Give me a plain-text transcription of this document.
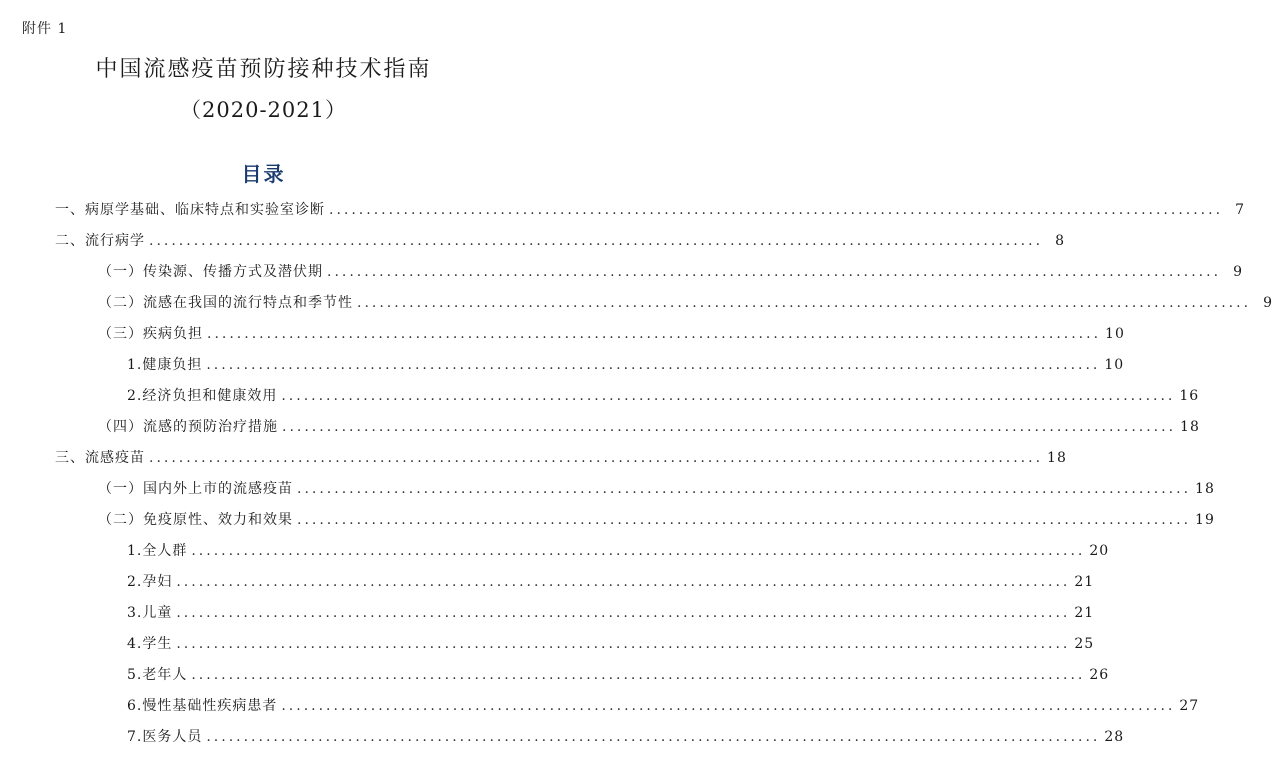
附件 1
中国流感疫苗预防接种技术指南
（2020-2021）
目录
一、病原学基础、临床特点和实验室诊断 ........................................................................................................................ 7
二、流行病学 ........................................................................................................................ 8
（一）传染源、传播方式及潜伏期 ........................................................................................................................ 9
（二）流感在我国的流行特点和季节性 ........................................................................................................................ 9
（三）疾病负担 ........................................................................................................................ 10
1.健康负担 ........................................................................................................................ 10
2.经济负担和健康效用 ........................................................................................................................ 16
（四）流感的预防治疗措施 ........................................................................................................................ 18
三、流感疫苗 ........................................................................................................................ 18
（一）国内外上市的流感疫苗 ........................................................................................................................ 18
（二）免疫原性、效力和效果 ........................................................................................................................ 19
1.全人群 ........................................................................................................................ 20
2.孕妇 ........................................................................................................................ 21
3.儿童 ........................................................................................................................ 21
4.学生 ........................................................................................................................ 25
5.老年人 ........................................................................................................................ 26
6.慢性基础性疾病患者 ........................................................................................................................ 27
7.医务人员 ........................................................................................................................ 28
